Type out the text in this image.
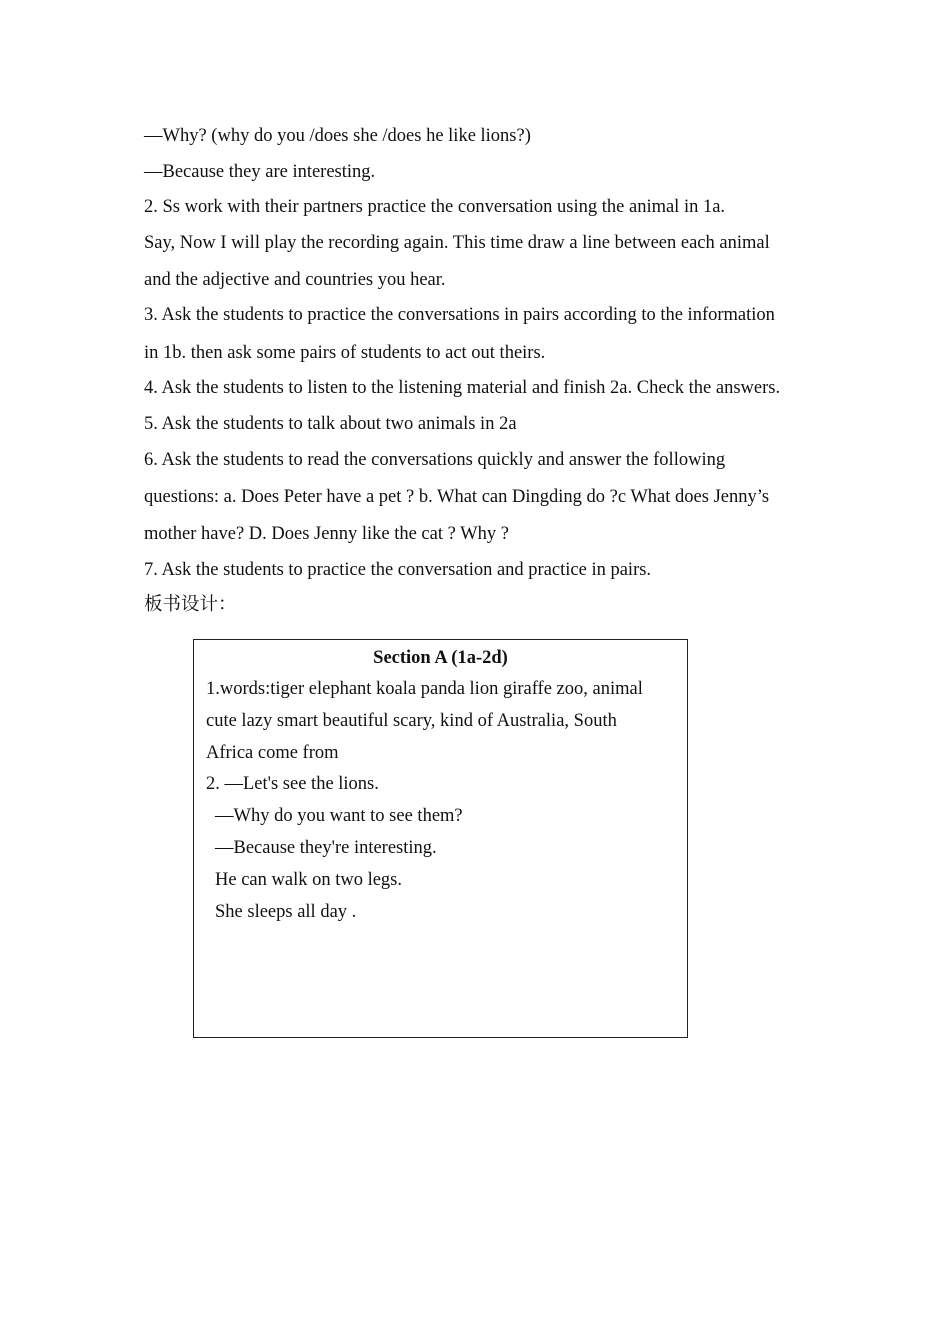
—Why? (why do you /does she /does he like lions?)
—Because they are interesting.
2. Ss work with their partners practice the conversation using the animal in 1a.
Say, Now I will play the recording again. This time draw a line between each animal
and the adjective and countries you hear.
3. Ask the students to practice the conversations in pairs according to the information
in 1b. then ask some pairs of students to act out theirs.
4. Ask the students to listen to the listening material and finish 2a. Check the answers.
5. Ask the students to talk about two animals in 2a
6. Ask the students to read the conversations quickly and answer the following
questions: a. Does Peter have a pet ? b. What can Dingding do ?c What does Jenny’s
mother have? D. Does Jenny like the cat ? Why ?
7. Ask the students to practice the conversation and practice in pairs.
板书设计：
Section A (1a-2d)
1.words:tiger elephant koala panda lion giraffe zoo, animal
cute lazy smart beautiful scary, kind of Australia, South
Africa come from
2. —Let's see the lions.
—Why do you want to see them?
—Because they're interesting.
He can walk on two legs.
She sleeps all day .
